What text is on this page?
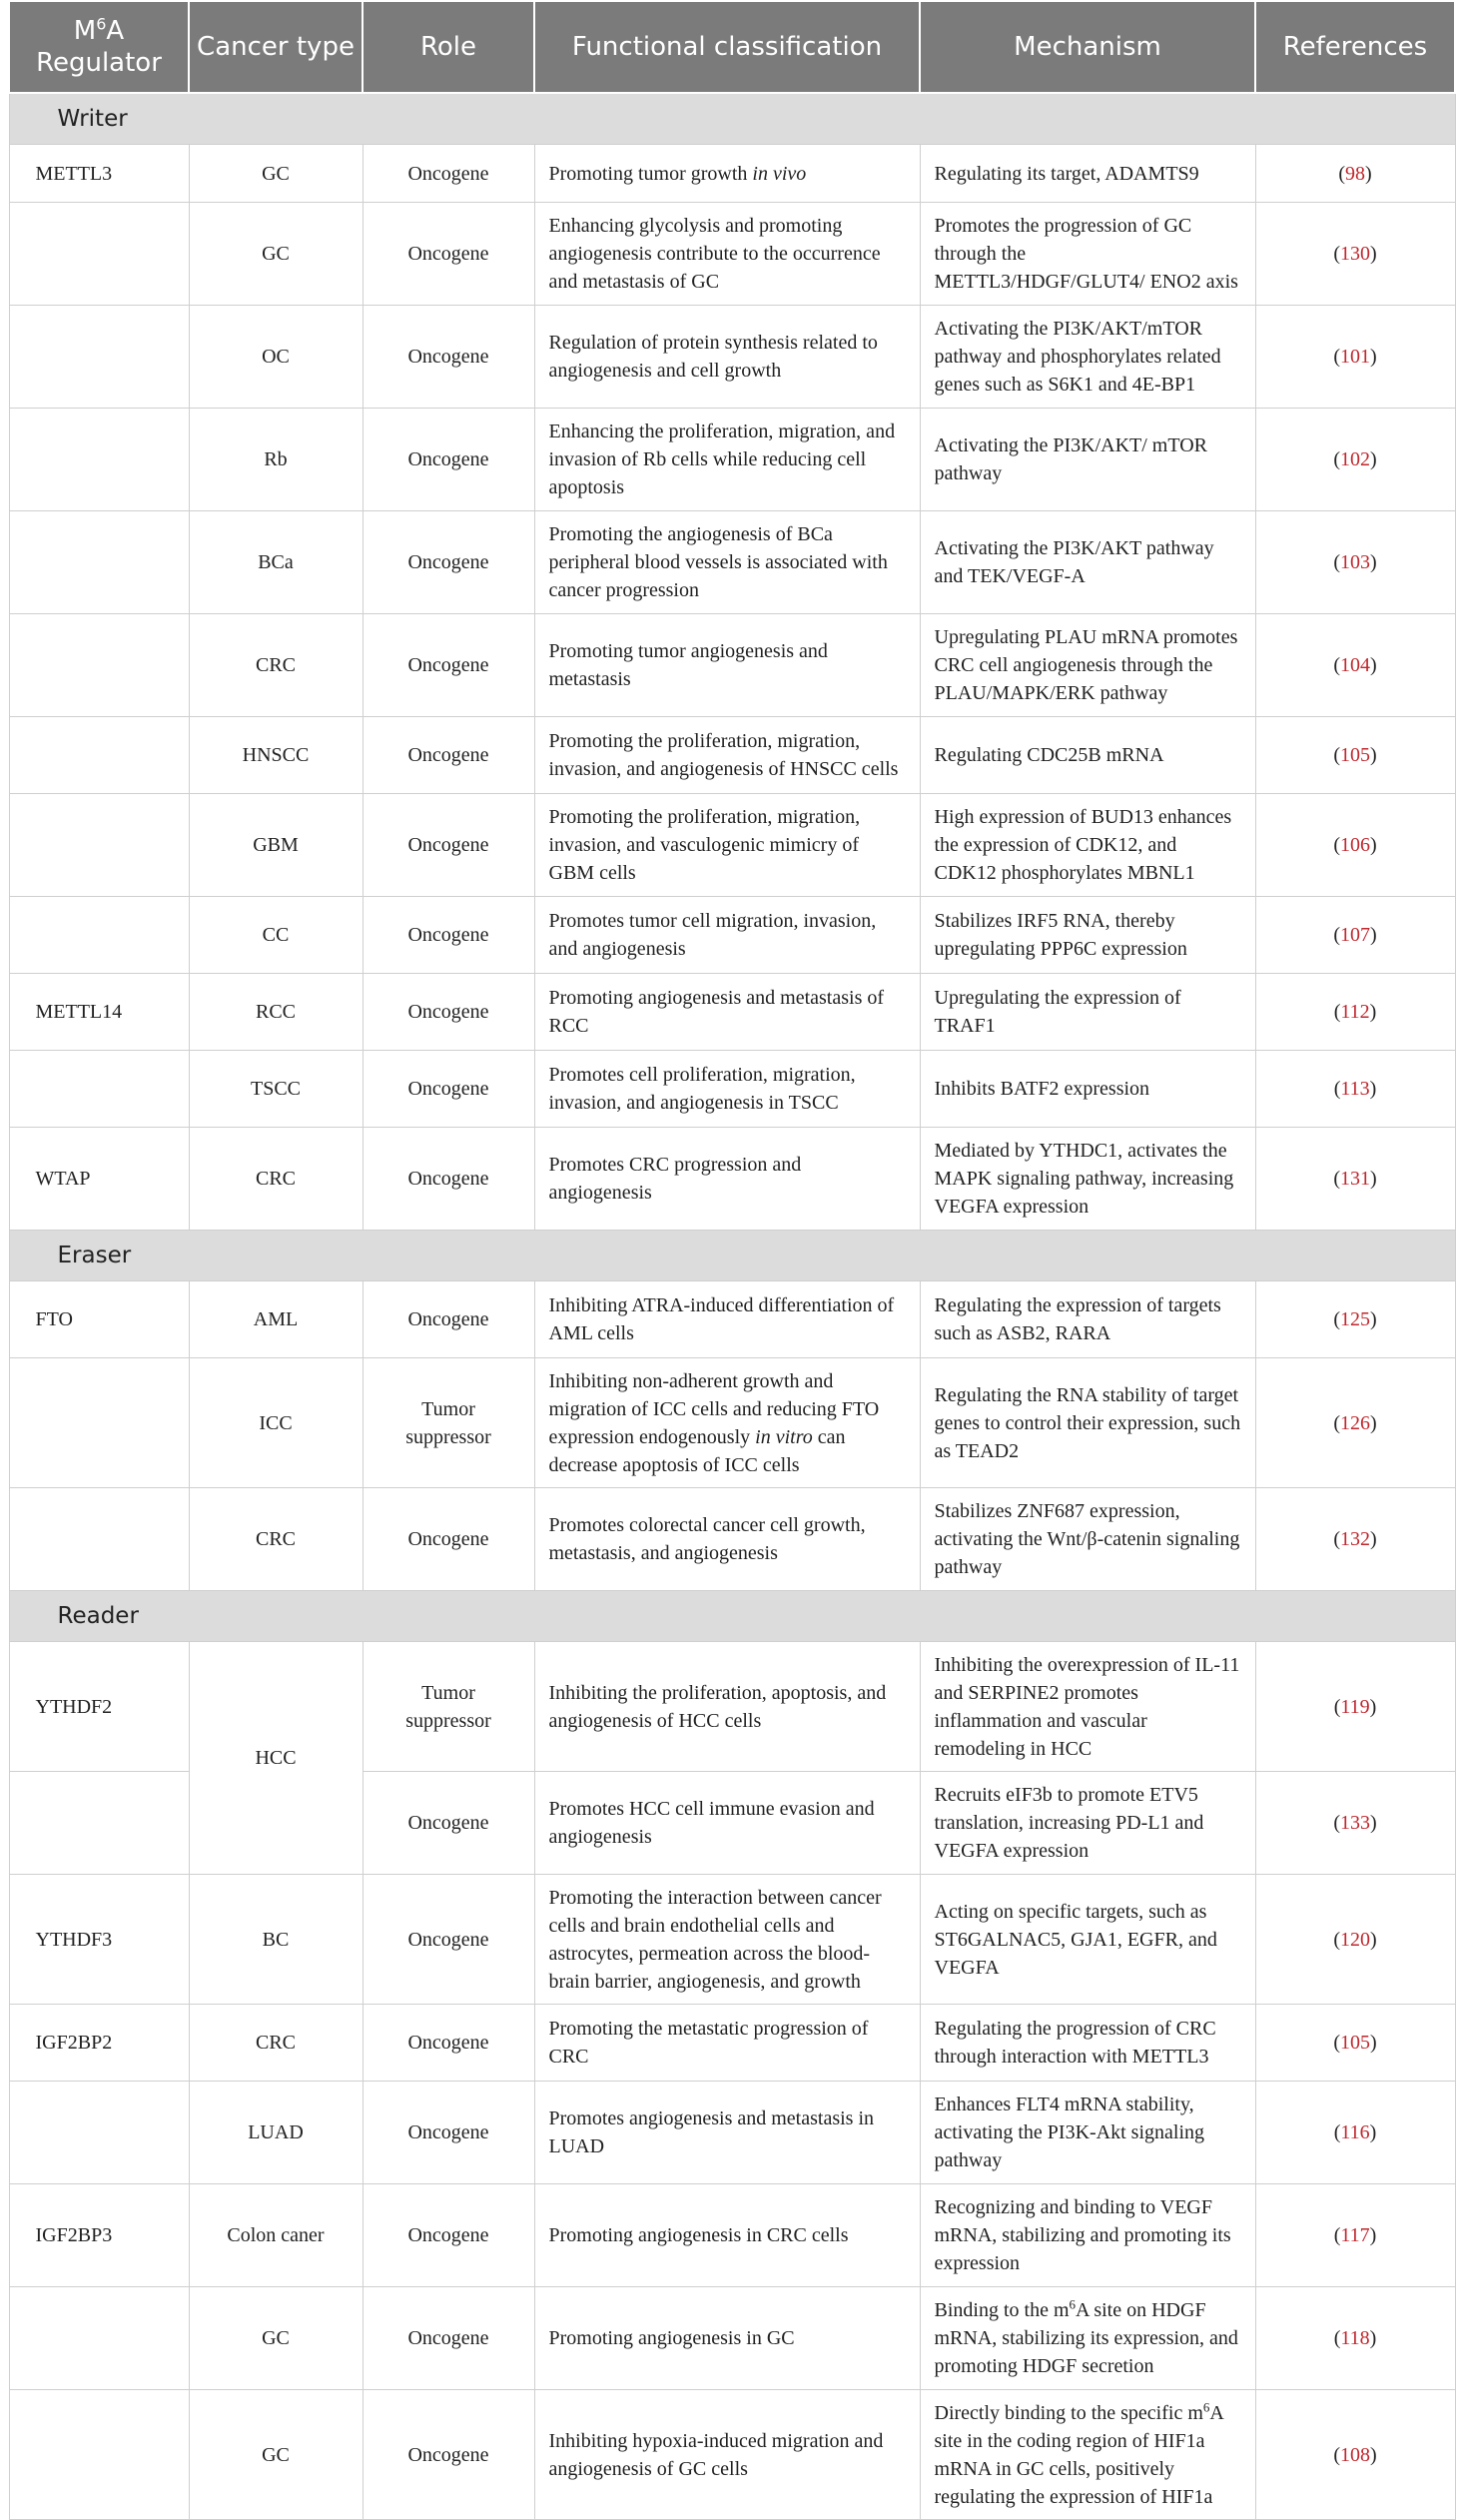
$M^6A$ Regulator	Cancer type	Role	Functional classification	Mechanism	References
Writer					
METTL3	GC	Oncogene	Promoting tumor growth in vivo	Regulating its target, ADAMTS9	(98)
	GC	Oncogene	Enhancing glycolysis and promoting angiogenesis contribute to the occurrence and metastasis of GC	Promotes the progression of GC through the METTL3/HDGF/GLUT4/ ENO2 axis	(130)
	OC	Oncogene	Regulation of protein synthesis related to angiogenesis and cell growth	Activating the PI3K/AKT/mTOR pathway and phosphorylates related genes such as S6K1 and 4E-BP1	(101)
	Rb	Oncogene	Enhancing the proliferation, migration, and invasion of Rb cells while reducing cell apoptosis	Activating the PI3K/AKT/ mTOR pathway	(102)
	BCa	Oncogene	Promoting the angiogenesis of BCa peripheral blood vessels is associated with cancer progression	Activating the PI3K/AKT pathway and TEK/VEGF-A	(103)
	CRC	Oncogene	Promoting tumor angiogenesis and metastasis	Upregulating PLAU mRNA promotes CRC cell angiogenesis through the PLAU/MAPK/ERK pathway	(104)
	HNSCC	Oncogene	Promoting the proliferation, migration, invasion, and angiogenesis of HNSCC cells	Regulating CDC25B mRNA	(105)
	GBM	Oncogene	Promoting the proliferation, migration, invasion, and vasculogenic mimicry of GBM cells	High expression of BUD13 enhances the expression of CDK12, and CDK12 phosphorylates MBNL1	(106)
	CC	Oncogene	Promotes tumor cell migration, invasion, and angiogenesis	Stabilizes IRF5 RNA, thereby upregulating PPP6C expression	(107)
METTL14	RCC	Oncogene	Promoting angiogenesis and metastasis of RCC	Upregulating the expression of TRAF1	(112)
	TSCC	Oncogene	Promotes cell proliferation, migration, invasion, and angiogenesis in TSCC	Inhibits BATF2 expression	(113)
WTAP	CRC	Oncogene	Promotes CRC progression and angiogenesis	Mediated by YTHDC1, activates the MAPK signaling pathway, increasing VEGFA expression	(131)
Eraser					
FTO	AML	Oncogene	Inhibiting ATRA-induced differentiation of AML cells	Regulating the expression of targets such as ASB2, RARA	(125)
	ICC	Tumor suppressor	Inhibiting non-adherent growth and migration of ICC cells and reducing FTO expression endogenously in vitro can decrease apoptosis of ICC cells	Regulating the RNA stability of target genes to control their expression, such as TEAD2	(126)
	CRC	Oncogene	Promotes colorectal cancer cell growth, metastasis, and angiogenesis	Stabilizes ZNF687 expression, activating the Wnt/β-catenin signaling pathway	(132)
Reader					
YTHDF2	HCC	Tumor suppressor	Inhibiting the proliferation, apoptosis, and angiogenesis of HCC cells	Inhibiting the overexpression of IL-11 and SERPINE2 promotes inflammation and vascular remodeling in HCC	(119)
		Oncogene	Promotes HCC cell immune evasion and angiogenesis	Recruits eIF3b to promote ETV5 translation, increasing PD-L1 and VEGFA expression	(133)
YTHDF3	BC	Oncogene	Promoting the interaction between cancer cells and brain endothelial cells and astrocytes, permeation across the blood-brain barrier, angiogenesis, and growth	Acting on specific targets, such as ST6GALNAC5, GJA1, EGFR, and VEGFA	(120)
IGF2BP2	CRC	Oncogene	Promoting the metastatic progression of CRC	Regulating the progression of CRC through interaction with METTL3	(105)
	LUAD	Oncogene	Promotes angiogenesis and metastasis in LUAD	Enhances FLT4 mRNA stability, activating the PI3K-Akt signaling pathway	(116)
IGF2BP3	Colon caner	Oncogene	Promoting angiogenesis in CRC cells	Recognizing and binding to VEGF mRNA, stabilizing and promoting its expression	(117)
	GC	Oncogene	Promoting angiogenesis in GC	Binding to the $m^6A$ site on HDGF mRNA, stabilizing its expression, and promoting HDGF secretion	(118)
	GC	Oncogene	Inhibiting hypoxia-induced migration and angiogenesis of GC cells	Directly binding to the specific $m^6A$ site in the coding region of HIF1a mRNA in GC cells, positively regulating the expression of HIF1a	(108)
